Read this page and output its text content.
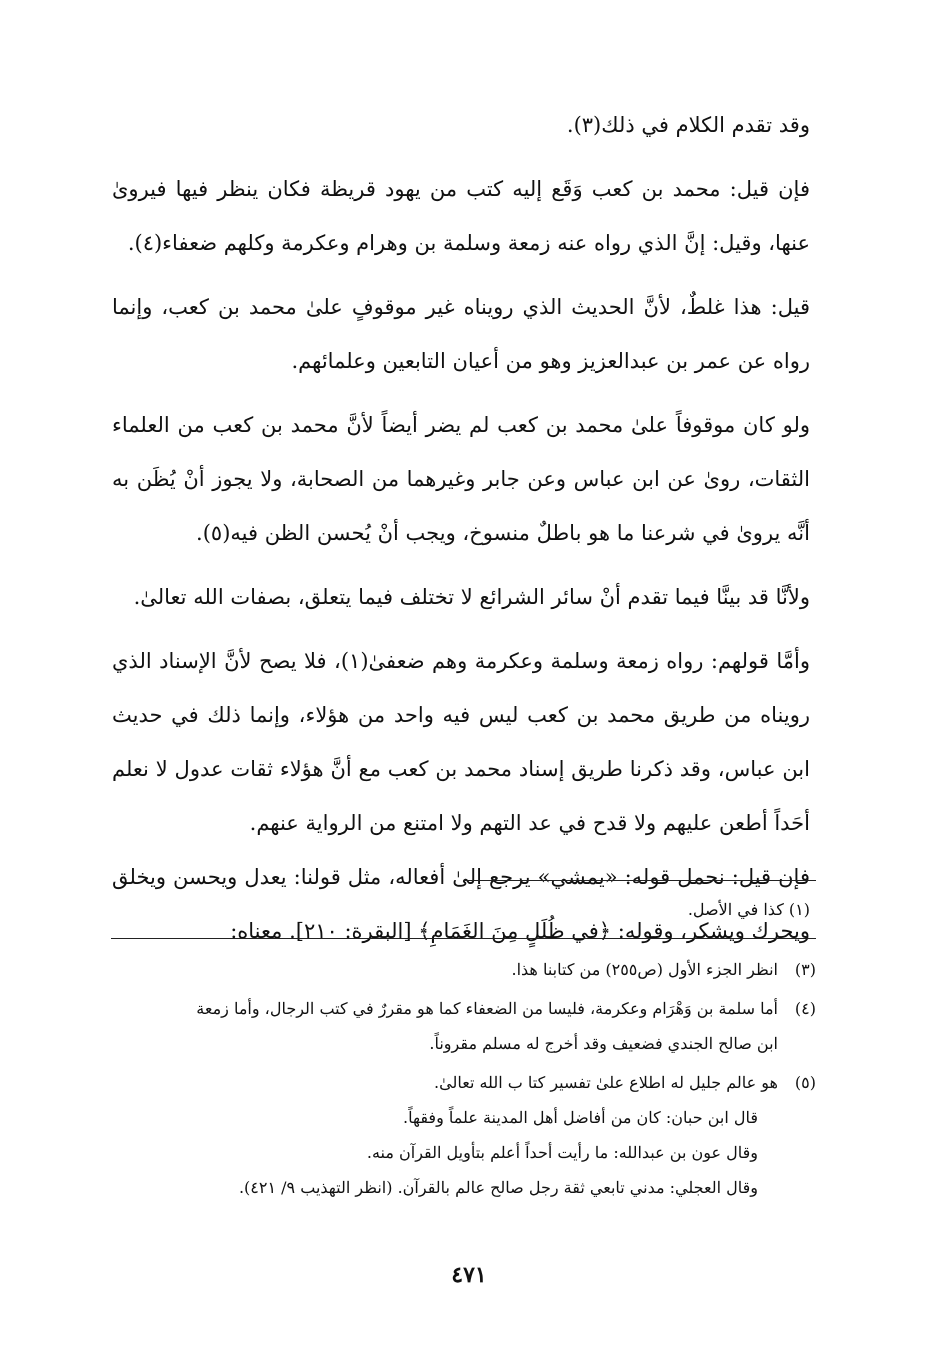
وقد تقدم الكلام في ذلك(٣).

فإن قيل: محمد بن كعب وَقَع إليه كتب من يهود قريظة فكان ينظر فيها فيروىٰ عنها، وقيل: إنَّ الذي رواه عنه زمعة وسلمة بن وهرام وعكرمة وكلهم ضعفاء(٤).

قيل: هذا غلطٌ، لأنَّ الحديث الذي رويناه غير موقوفٍ علىٰ محمد بن كعب، وإنما رواه عن عمر بن عبدالعزيز وهو من أعيان التابعين وعلمائهم.

ولو كان موقوفاً علىٰ محمد بن كعب لم يضر أيضاً لأنَّ محمد بن كعب من العلماء الثقات، روىٰ عن ابن عباس وعن جابر وغيرهما من الصحابة، ولا يجوز أنْ يُظَن به أنَّه يروىٰ في شرعنا ما هو باطلٌ منسوخ، ويجب أنْ يُحسن الظن فيه(٥).

ولأنَّا قد بينَّا فيما تقدم أنْ سائر الشرائع لا تختلف فيما يتعلق، بصفات الله تعالىٰ.

وأمَّا قولهم: رواه زمعة وسلمة وعكرمة وهم ضعفىٰ(١)، فلا يصح لأنَّ الإسناد الذي رويناه من طريق محمد بن كعب ليس فيه واحد من هؤلاء، وإنما ذلك في حديث ابن عباس، وقد ذكرنا طريق إسناد محمد بن كعب مع أنَّ هؤلاء ثقات عدول لا نعلم أحَداً أطعن عليهم ولا قدح في عد التهم ولا امتنع من الرواية عنهم.

فإن قيل: نحمل قوله: «يمشي» يرجع إلىٰ أفعاله، مثل قولنا: يعدل ويحسن ويخلق ويحرك ويشكر، وقوله: ﴿في ظُلَلٍ مِنَ الغَمَامِ﴾ [البقرة: ٢١٠]. معناه:

(١) كذا في الأصل.
(٣)
انظر الجزء الأول (ص٢٥٥) من كتابنا هذا.
(٤)
أما سلمة بن وَهْرَام وعكرمة، فليسا من الضعفاء كما هو مقررٌ في كتب الرجال، وأما زمعة
ابن صالح الجندي فضعيف وقد أخرج له مسلم مقروناً.
(٥)
هو عالم جليل له اطلاع علىٰ تفسير كتا ب الله تعالىٰ.
قال ابن حبان: كان من أفاضل أهل المدينة علماً وفقهاً.
وقال عون بن عبدالله: ما رأيت أحداً أعلم بتأويل القرآن منه.
وقال العجلي: مدني تابعي ثقة رجل صالح عالم بالقرآن. (انظر التهذيب ٩/ ٤٢١).
٤٧١
